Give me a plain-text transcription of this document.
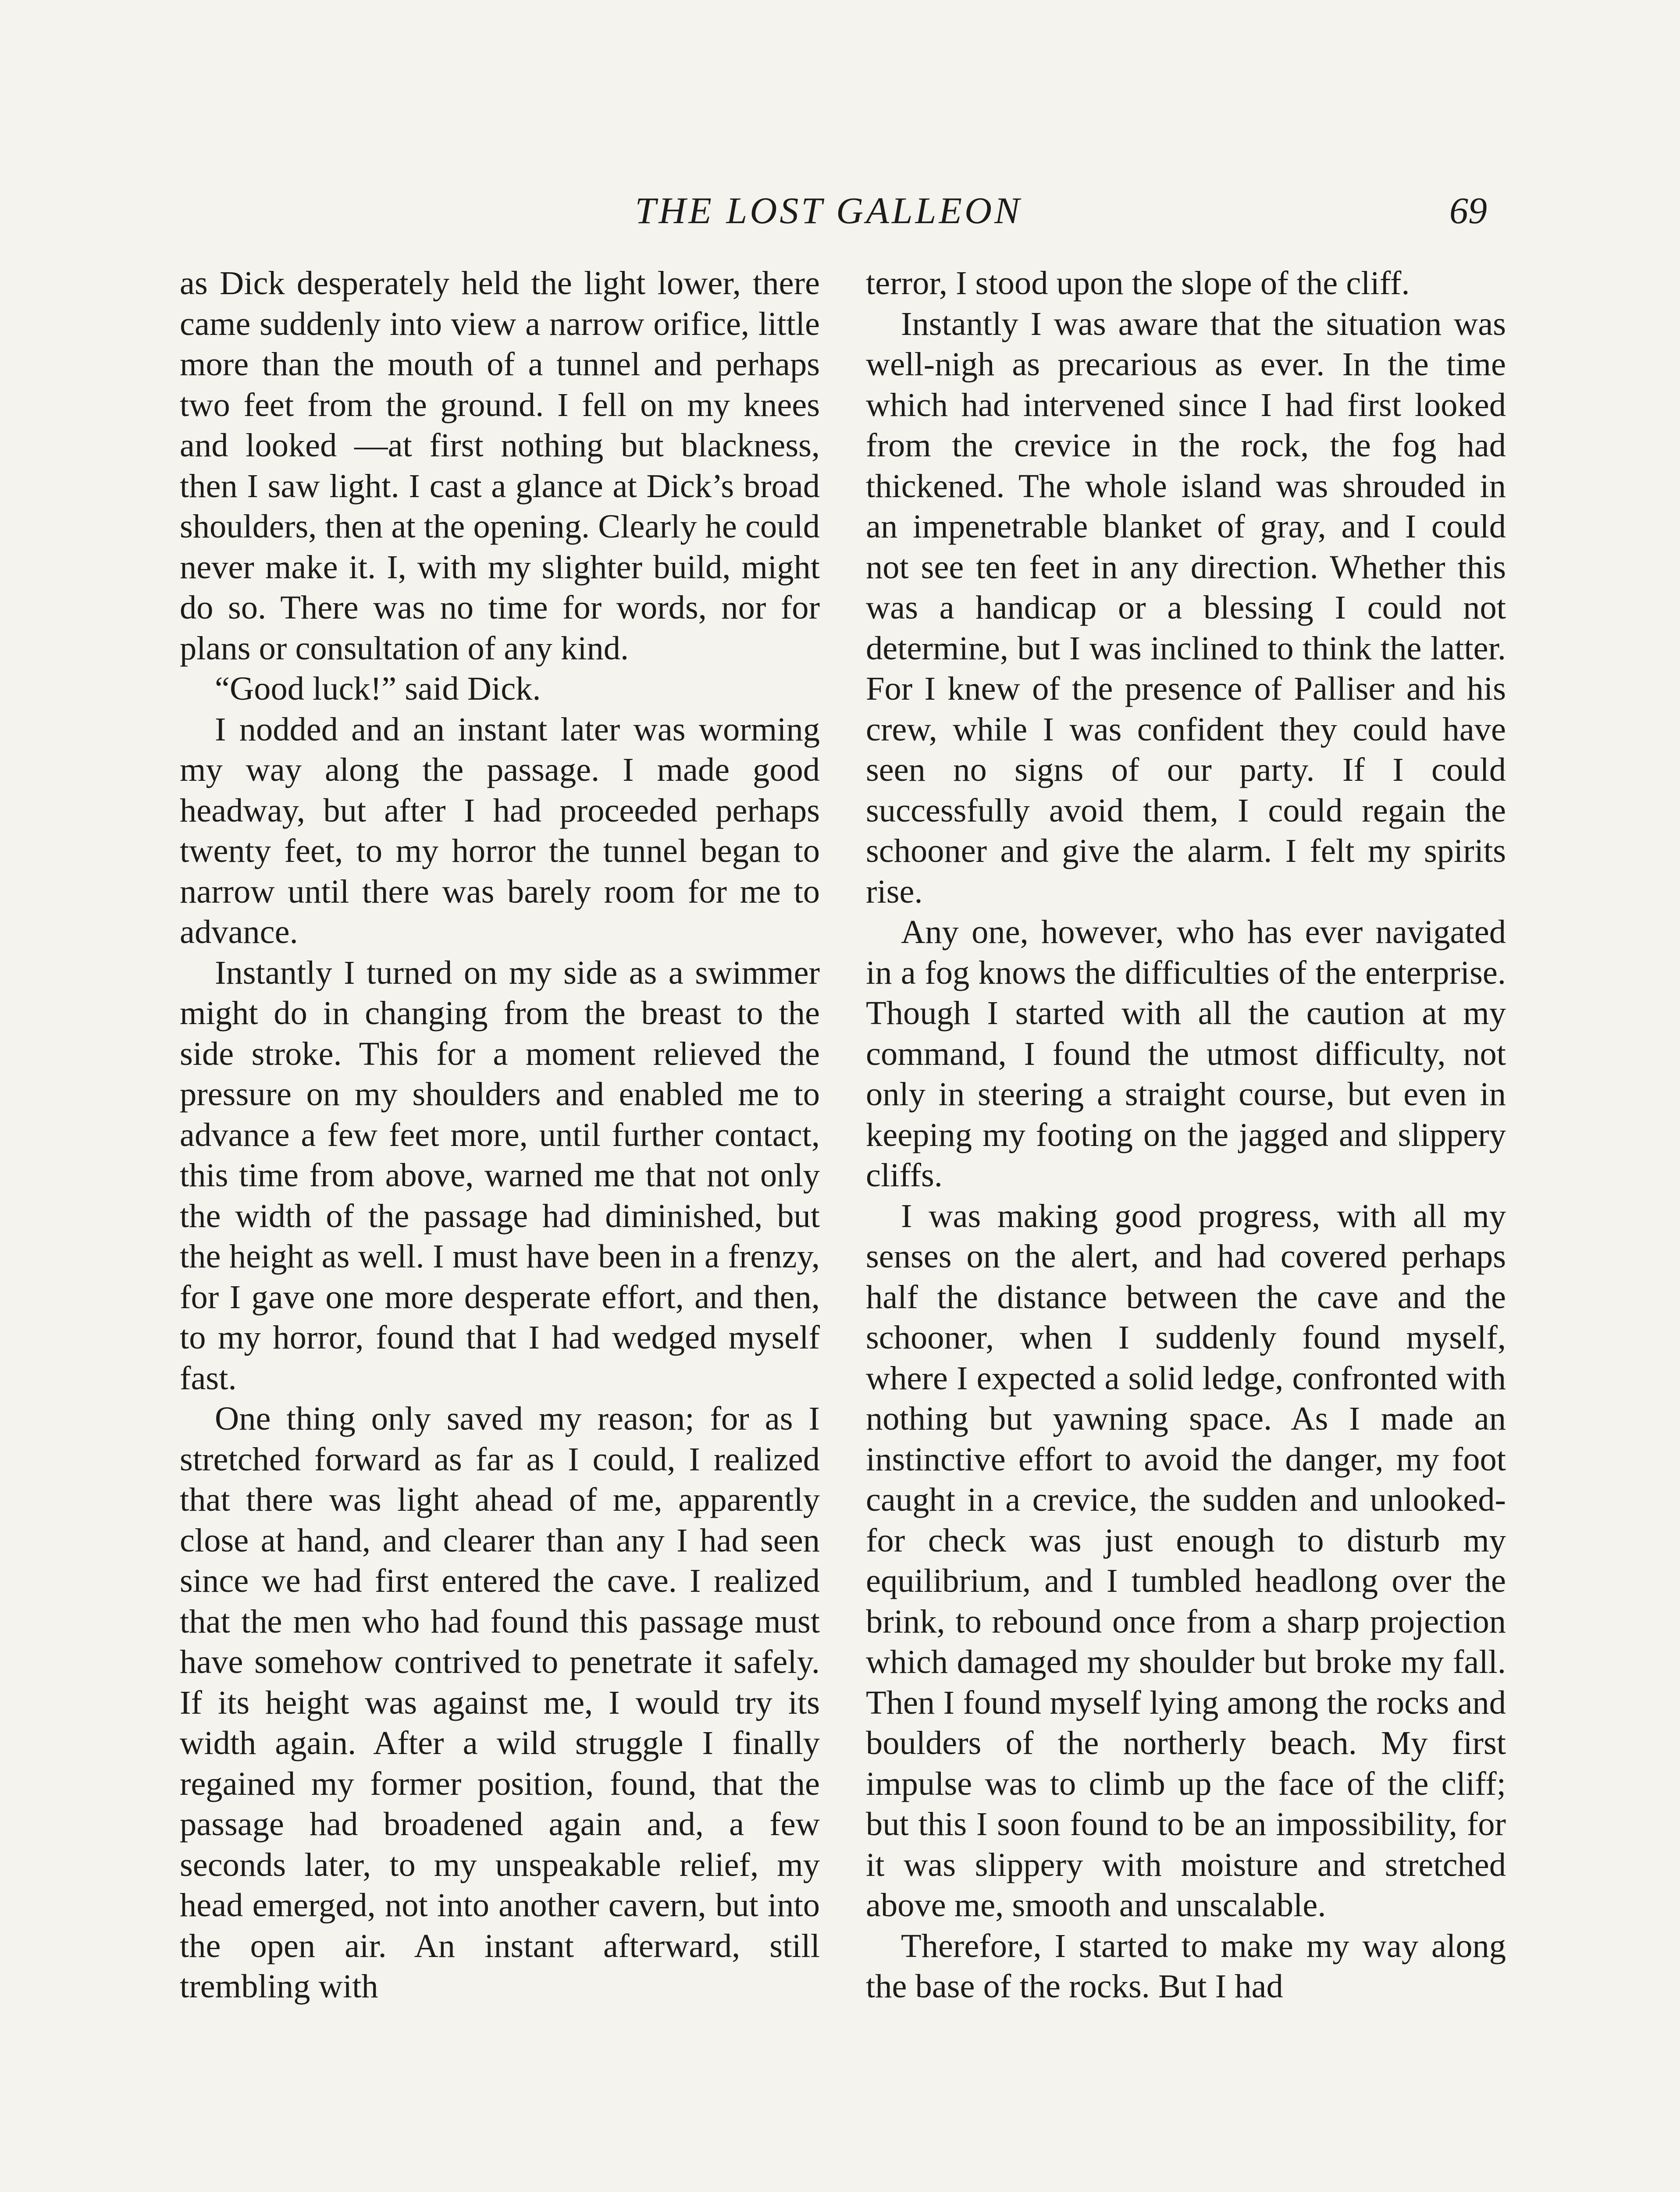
THE LOST GALLEON	69

as Dick desperately held the light lower, there came suddenly into view a narrow orifice, little more than the mouth of a tunnel and perhaps two feet from the ground. I fell on my knees and looked —at first nothing but blackness, then I saw light. I cast a glance at Dick’s broad shoulders, then at the opening. Clearly he could never make it. I, with my slighter build, might do so. There was no time for words, nor for plans or consultation of any kind.

“Good luck!” said Dick.

I nodded and an instant later was worming my way along the passage. I made good headway, but after I had proceeded perhaps twenty feet, to my horror the tunnel began to narrow until there was barely room for me to advance.

Instantly I turned on my side as a swimmer might do in changing from the breast to the side stroke. This for a moment relieved the pressure on my shoulders and enabled me to advance a few feet more, until further contact, this time from above, warned me that not only the width of the passage had diminished, but the height as well. I must have been in a frenzy, for I gave one more desperate effort, and then, to my horror, found that I had wedged myself fast.

One thing only saved my reason; for as I stretched forward as far as I could, I realized that there was light ahead of me, apparently close at hand, and clearer than any I had seen since we had first entered the cave. I realized that the men who had found this passage must have somehow contrived to penetrate it safely. If its height was against me, I would try its width again. After a wild struggle I finally regained my former position, found, that the passage had broadened again and, a few seconds later, to my unspeakable relief, my head emerged, not into another cavern, but into the open air. An instant afterward, still trembling with

terror, I stood upon the slope of the cliff.

Instantly I was aware that the situation was well-nigh as precarious as ever. In the time which had intervened since I had first looked from the crevice in the rock, the fog had thickened. The whole island was shrouded in an impenetrable blanket of gray, and I could not see ten feet in any direction. Whether this was a handicap or a blessing I could not determine, but I was inclined to think the latter. For I knew of the presence of Palliser and his crew, while I was confident they could have seen no signs of our party. If I could successfully avoid them, I could regain the schooner and give the alarm. I felt my spirits rise.

Any one, however, who has ever navigated in a fog knows the difficulties of the enterprise. Though I started with all the caution at my command, I found the utmost difficulty, not only in steering a straight course, but even in keeping my footing on the jagged and slippery cliffs.

I was making good progress, with all my senses on the alert, and had covered perhaps half the distance between the cave and the schooner, when I suddenly found myself, where I expected a solid ledge, confronted with nothing but yawning space. As I made an instinctive effort to avoid the danger, my foot caught in a crevice, the sudden and unlooked-for check was just enough to disturb my equilibrium, and I tumbled headlong over the brink, to rebound once from a sharp projection which damaged my shoulder but broke my fall. Then I found myself lying among the rocks and boulders of the northerly beach. My first impulse was to climb up the face of the cliff; but this I soon found to be an impossibility, for it was slippery with moisture and stretched above me, smooth and unscalable.

Therefore, I started to make my way along the base of the rocks. But I had
